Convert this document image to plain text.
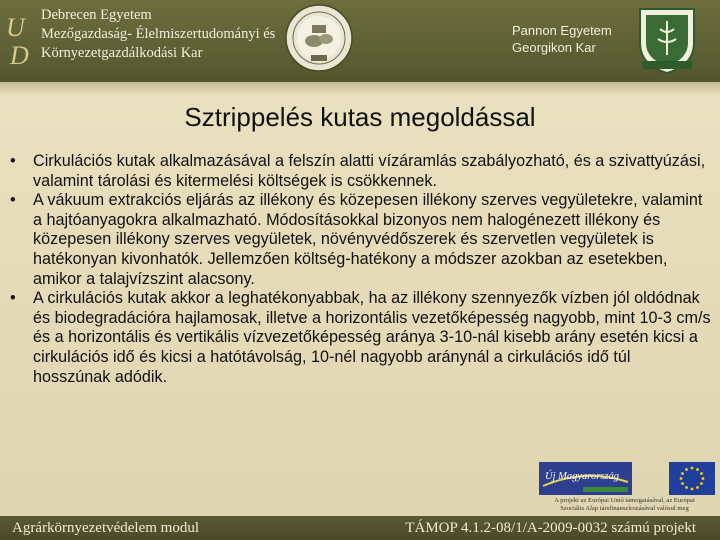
U
D
Debrecen Egyetem
Mezőgazdaság- Élelmiszertudományi és
Környezetgazdálkodási Kar
Pannon Egyetem
Georgikon Kar
Sztrippelés kutas megoldással
•	Cirkulációs kutak alkalmazásával a felszín alatti vízáramlás szabályozható, és a szivattyúzási, valamint tárolási és kitermelési költségek is csökkennek.
•	A vákuum extrakciós eljárás az illékony és közepesen illékony szerves vegyületekre, valamint a hajtóanyagokra alkalmazható. Módosításokkal bizonyos nem halogénezett illékony és közepesen illékony szerves vegyületek, növényvédőszerek és szervetlen vegyületek is hatékonyan kivonhatók. Jellemzően költség-hatékony a módszer azokban az esetekben, amikor a talajvízszint alacsony.
•	A cirkulációs kutak akkor a leghatékonyabbak, ha az illékony szennyezők vízben jól oldódnak és biodegradációra hajlamosak, illetve a horizontális vezetőképesség nagyobb, mint 10-3 cm/s és a horizontális és vertikális vízvezetőképesség aránya 3-10-nál kisebb arány esetén kicsi a cirkulációs idő és kicsi a hatótávolság, 10-nél nagyobb aránynál a cirkulációs idő túl hosszúnak adódik.
Új Magyarország
A projekt az Európai Unió támogatásával, az Európai
Szociális Alap társfinanszírozásával valósul meg
Agrárkörnyezetvédelem modul	TÁMOP 4.1.2-08/1/A-2009-0032 számú projekt
